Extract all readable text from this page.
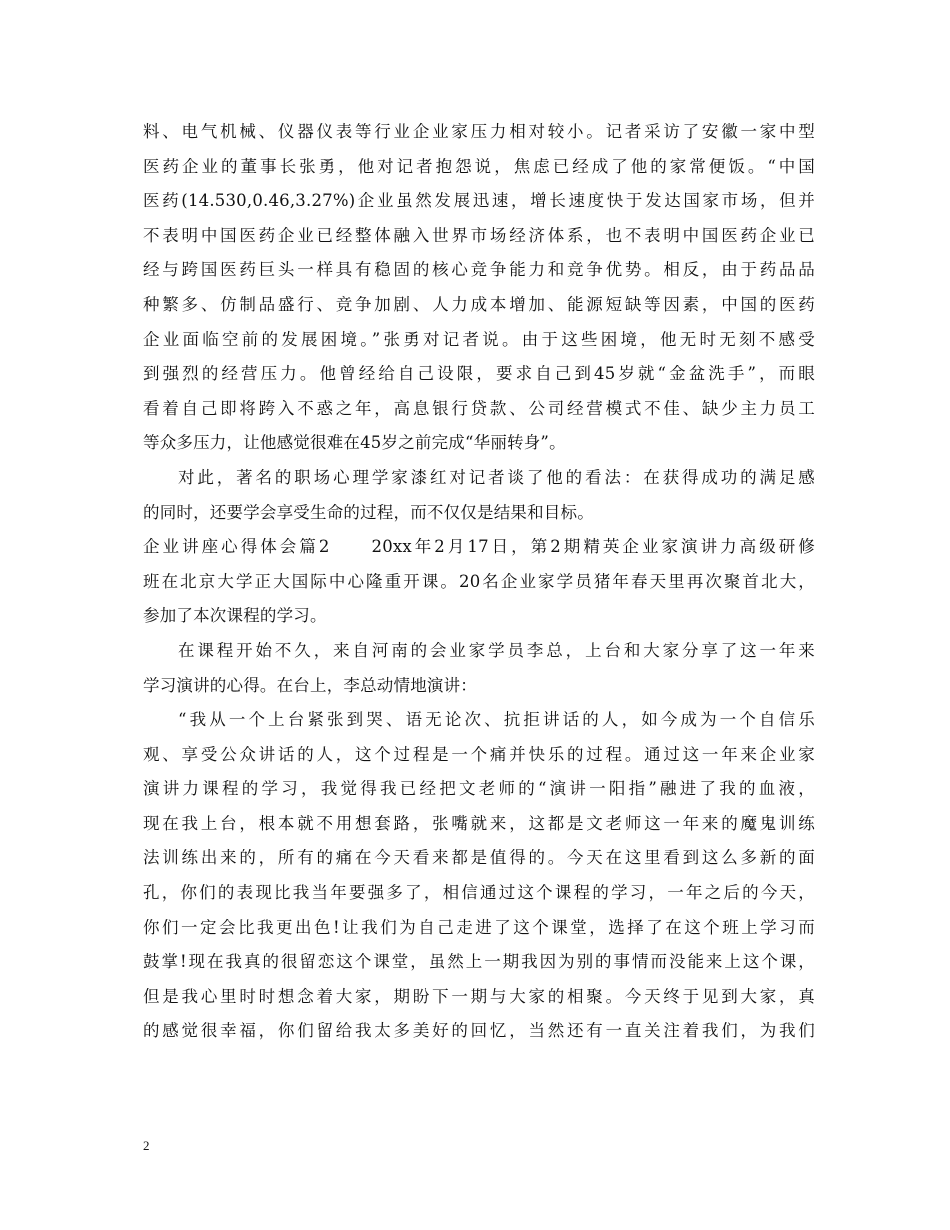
料、电气机械、仪器仪表等行业企业家压力相对较小。记者采访了安徽一家中型
医药企业的董事长张勇，他对记者抱怨说，焦虑已经成了他的家常便饭。“中国
医药(14.530,0.46,3.27%)企业虽然发展迅速，增长速度快于发达国家市场，但并
不表明中国医药企业已经整体融入世界市场经济体系，也不表明中国医药企业已
经与跨国医药巨头一样具有稳固的核心竞争能力和竞争优势。相反，由于药品品
种繁多、仿制品盛行、竞争加剧、人力成本增加、能源短缺等因素，中国的医药
企业面临空前的发展困境。”张勇对记者说。由于这些困境，他无时无刻不感受
到强烈的经营压力。他曾经给自己设限，要求自己到45岁就“金盆洗手”，而眼
看着自己即将跨入不惑之年，高息银行贷款、公司经营模式不佳、缺少主力员工
等众多压力，让他感觉很难在45岁之前完成“华丽转身”。
对此，著名的职场心理学家漆红对记者谈了他的看法：在获得成功的满足感
的同时，还要学会享受生命的过程，而不仅仅是结果和目标。
企业讲座心得体会篇2　　20xx年2月17日，第2期精英企业家演讲力高级研修
班在北京大学正大国际中心隆重开课。20名企业家学员猪年春天里再次聚首北大，
参加了本次课程的学习。
在课程开始不久，来自河南的会业家学员李总，上台和大家分享了这一年来
学习演讲的心得。在台上，李总动情地演讲：
“我从一个上台紧张到哭、语无论次、抗拒讲话的人，如今成为一个自信乐
观、享受公众讲话的人，这个过程是一个痛并快乐的过程。通过这一年来企业家
演讲力课程的学习，我觉得我已经把文老师的“演讲一阳指”融进了我的血液，
现在我上台，根本就不用想套路，张嘴就来，这都是文老师这一年来的魔鬼训练
法训练出来的，所有的痛在今天看来都是值得的。今天在这里看到这么多新的面
孔，你们的表现比我当年要强多了，相信通过这个课程的学习，一年之后的今天，
你们一定会比我更出色!让我们为自己走进了这个课堂，选择了在这个班上学习而
鼓掌!现在我真的很留恋这个课堂，虽然上一期我因为别的事情而没能来上这个课，
但是我心里时时想念着大家，期盼下一期与大家的相聚。今天终于见到大家，真
的感觉很幸福，你们留给我太多美好的回忆，当然还有一直关注着我们，为我们
2
